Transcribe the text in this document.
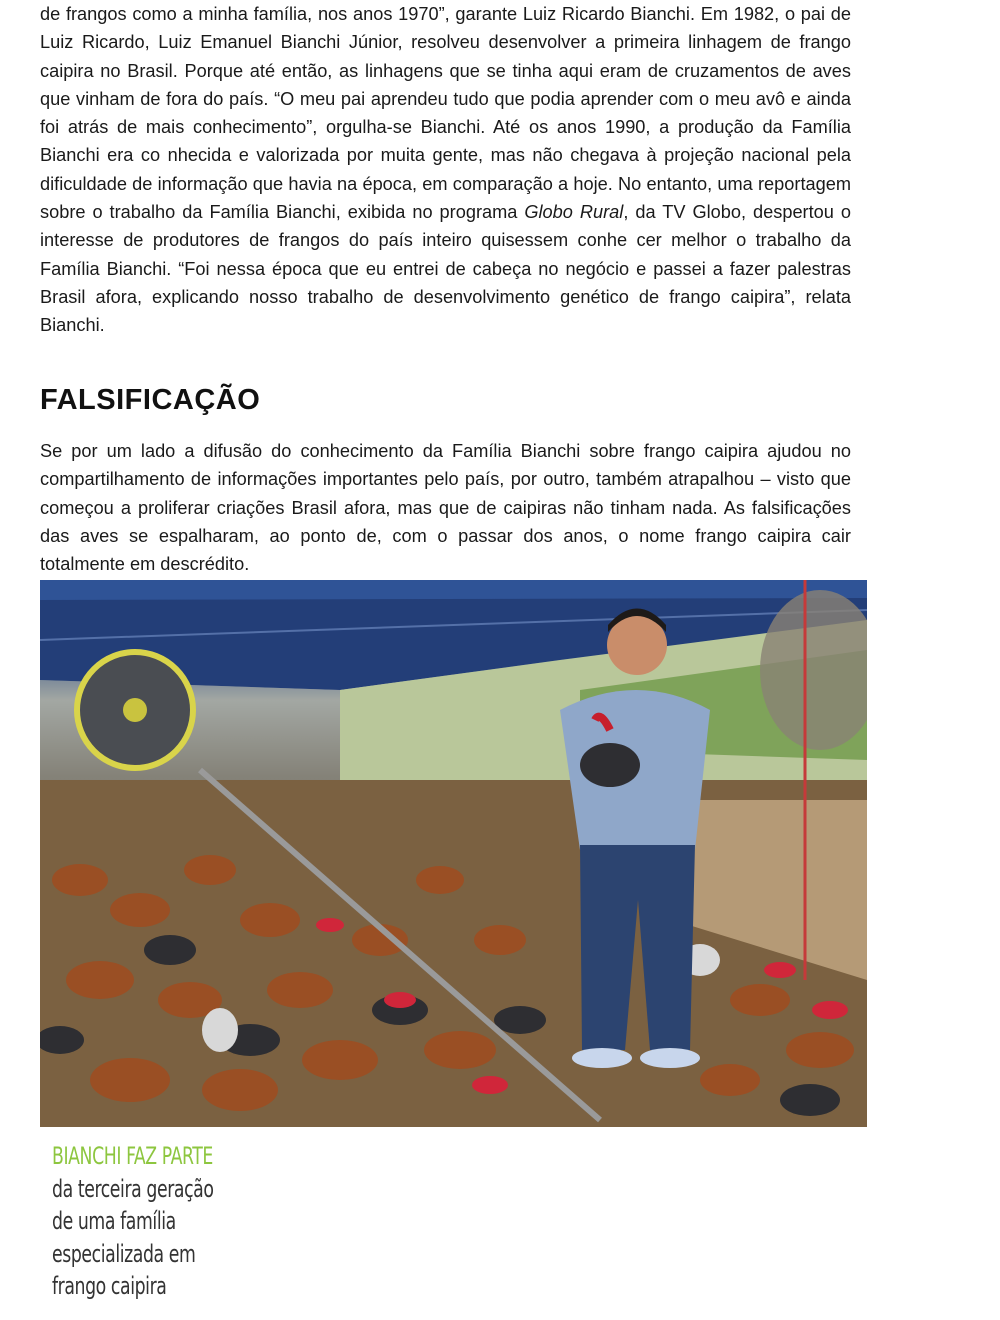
de frangos como a minha família, nos anos 1970”, garante Luiz Ricardo Bianchi. Em 1982, o pai de Luiz Ricardo, Luiz Emanuel Bianchi Júnior, resolveu desenvolver a primeira linhagem de frango caipira no Brasil. Porque até então, as linhagens que se tinha aqui eram de cruzamentos de aves que vinham de fora do país. “O meu pai aprendeu tudo que podia aprender com o meu avô e ainda foi atrás de mais conhecimento”, orgulha-se Bianchi. Até os anos 1990, a produção da Família Bianchi era co nhecida e valorizada por muita gente, mas não chegava à projeção nacional pela dificuldade de informação que havia na época, em comparação a hoje. No entanto, uma reportagem sobre o trabalho da Família Bianchi, exibida no programa Globo Rural, da TV Globo, despertou o interesse de produtores de frangos do país inteiro quisessem conhe cer melhor o trabalho da Família Bianchi. “Foi nessa época que eu entrei de cabeça no negócio e passei a fazer palestras Brasil afora, explicando nosso trabalho de desenvolvimento genético de frango caipira”, relata Bianchi.

FALSIFICAÇÃO

Se por um lado a difusão do conhecimento da Família Bianchi sobre frango caipira ajudou no compartilhamento de informações importantes pelo país, por outro, também atrapalhou – visto que começou a proliferar criações Brasil afora, mas que de caipiras não tinham nada. As falsificações das aves se espalharam, ao ponto de, com o passar dos anos, o nome frango caipira cair totalmente em descrédito.

BIANCHI FAZ PARTE
da terceira geração
de uma família
especializada em
frango caipira
